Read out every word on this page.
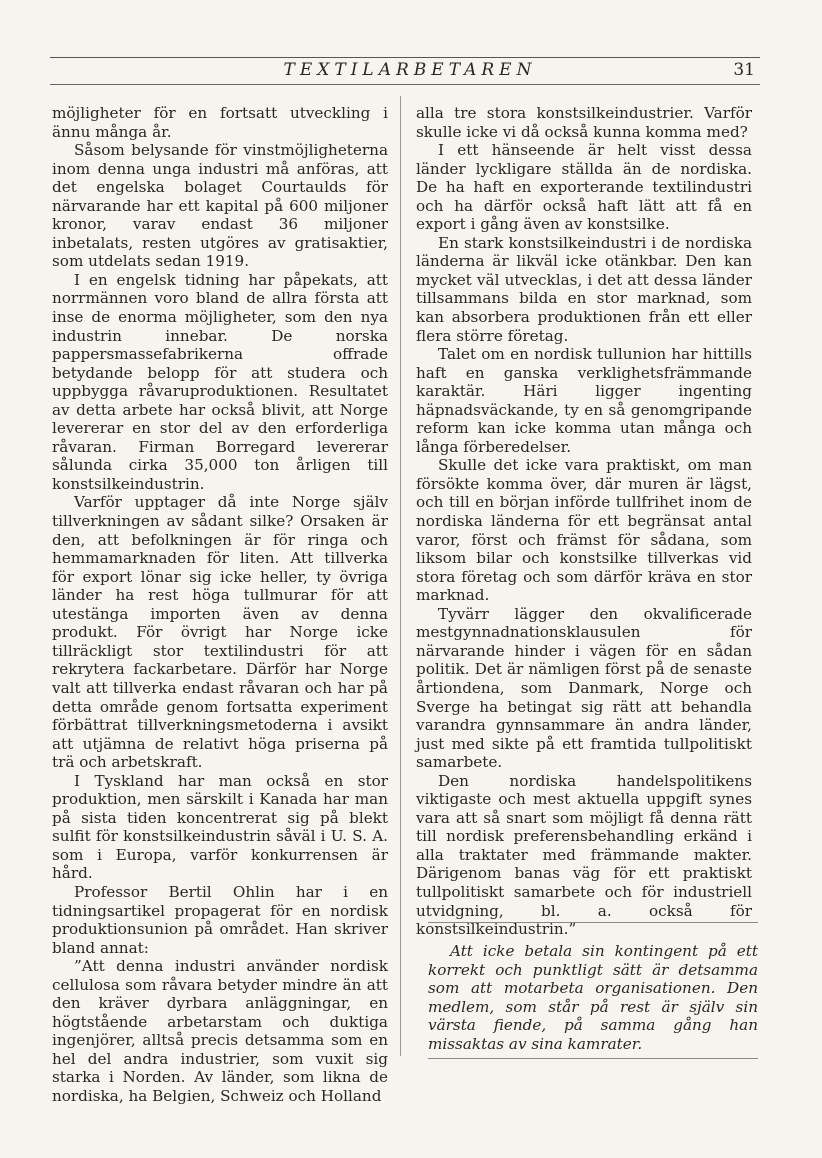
TEXTILARBETAREN	31

möjligheter för en fortsatt utveckling i ännu många år.

Såsom belysande för vinstmöjligheterna inom denna unga industri må anföras, att det engelska bolaget Courtaulds för närvarande har ett kapital på 600 miljoner kronor, varav endast 36 miljoner inbetalats, resten utgöres av gratisaktier, som utdelats sedan 1919.

I en engelsk tidning har påpekats, att norrmännen voro bland de allra första att inse de enorma möjligheter, som den nya industrin innebar. De norska pappersmassefabrikerna offrade betydande belopp för att studera och uppbygga råvaruproduktionen. Resultatet av detta arbete har också blivit, att Norge levererar en stor del av den erforderliga råvaran. Firman Borregard levererar sålunda cirka 35,000 ton årligen till konstsilkeindustrin.

Varför upptager då inte Norge själv tillverkningen av sådant silke? Orsaken är den, att befolkningen är för ringa och hemmamarknaden för liten. Att tillverka för export lönar sig icke heller, ty övriga länder ha rest höga tullmurar för att utestänga importen även av denna produkt. För övrigt har Norge icke tillräckligt stor textilindustri för att rekrytera fackarbetare. Därför har Norge valt att tillverka endast råvaran och har på detta område genom fortsatta experiment förbättrat tillverkningsmetoderna i avsikt att utjämna de relativt höga priserna på trä och arbetskraft.

I Tyskland har man också en stor produktion, men särskilt i Kanada har man på sista tiden koncentrerat sig på blekt sulfit för konstsilkeindustrin såväl i U. S. A. som i Europa, varför konkurrensen är hård.

Professor Bertil Ohlin har i en tidningsartikel propagerat för en nordisk produktionsunion på området. Han skriver bland annat:

”Att denna industri använder nordisk cellulosa som råvara betyder mindre än att den kräver dyrbara anläggningar, en högtstående arbetarstam och duktiga ingenjörer, alltså precis detsamma som en hel del andra industrier, som vuxit sig starka i Norden. Av länder, som likna de nordiska, ha Belgien, Schweiz och Holland

alla tre stora konstsilkeindustrier. Varför skulle icke vi då också kunna komma med?

I ett hänseende är helt visst dessa länder lyckligare ställda än de nordiska. De ha haft en exporterande textilindustri och ha därför också haft lätt att få en export i gång även av konstsilke.

En stark konstsilkeindustri i de nordiska länderna är likväl icke otänkbar. Den kan mycket väl utvecklas, i det att dessa länder tillsammans bilda en stor marknad, som kan absorbera produktionen från ett eller flera större företag.

Talet om en nordisk tullunion har hittills haft en ganska verklighetsfrämmande karaktär. Häri ligger ingenting häpnadsväckande, ty en så genomgripande reform kan icke komma utan många och långa förberedelser.

Skulle det icke vara praktiskt, om man försökte komma över, där muren är lägst, och till en början införde tullfrihet inom de nordiska länderna för ett begränsat antal varor, först och främst för sådana, som liksom bilar och konstsilke tillverkas vid stora företag och som därför kräva en stor marknad.

Tyvärr lägger den okvalificerade mestgynnadnationsklausulen för närvarande hinder i vägen för en sådan politik. Det är nämligen först på de senaste årtiondena, som Danmark, Norge och Sverge ha betingat sig rätt att behandla varandra gynnsammare än andra länder, just med sikte på ett framtida tullpolitiskt samarbete.

Den nordiska handelspolitikens viktigaste och mest aktuella uppgift synes vara att så snart som möjligt få denna rätt till nordisk preferensbehandling erkänd i alla traktater med främmande makter. Därigenom banas väg för ett praktiskt tullpolitiskt samarbete och för industriell utvidgning, bl. a. också för konstsilkeindustrin.”

Att icke betala sin kontingent på ett korrekt och punktligt sätt är detsamma som att motarbeta organisationen. Den medlem, som står på rest är själv sin värsta fiende, på samma gång han missaktas av sina kamrater.
